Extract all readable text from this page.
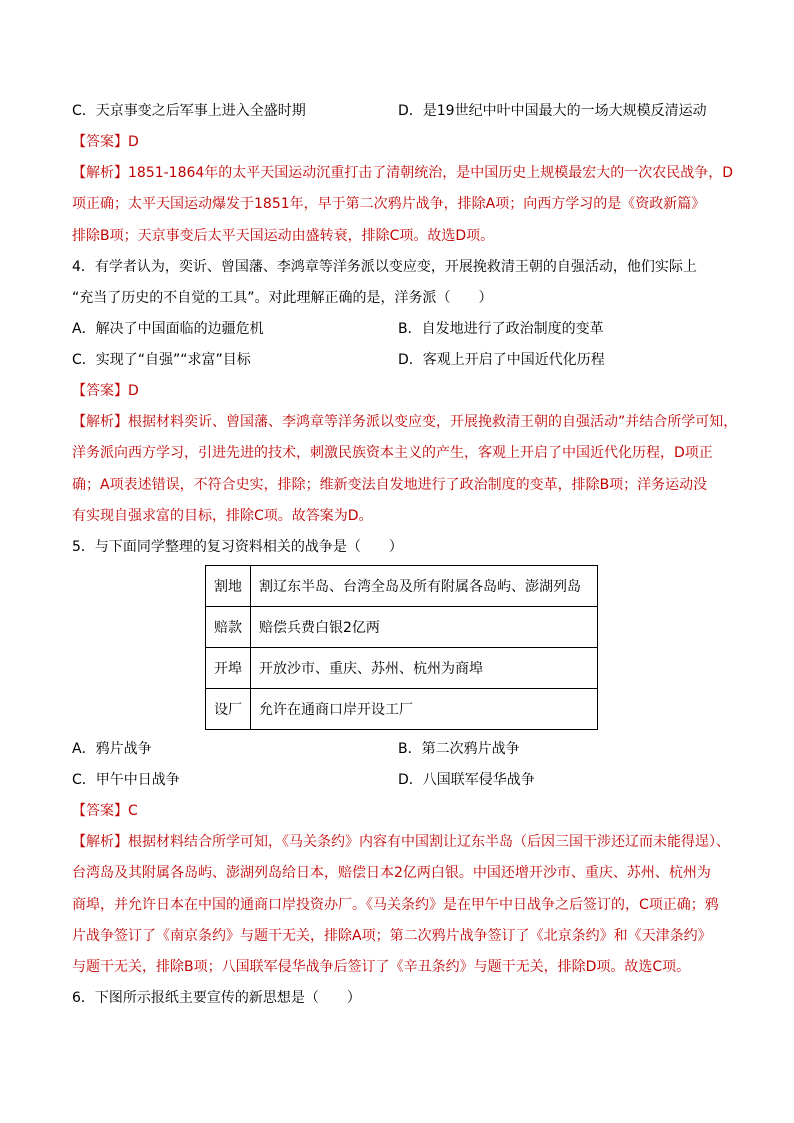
C．天京事变之后军事上进入全盛时期	D．是19世纪中叶中国最大的一场大规模反清运动
【答案】D
【解析】1851-1864年的太平天国运动沉重打击了清朝统治，是中国历史上规模最宏大的一次农民战争，D
项正确；太平天国运动爆发于1851年，早于第二次鸦片战争，排除A项；向西方学习的是《资政新篇》
排除B项；天京事变后太平天国运动由盛转衰，排除C项。故选D项。
4．有学者认为，奕䜣、曾国藩、李鸿章等洋务派以变应变，开展挽救清王朝的自强活动，他们实际上
“充当了历史的不自觉的工具”。对此理解正确的是，洋务派（　　）
A．解决了中国面临的边疆危机	B．自发地进行了政治制度的变革
C．实现了“自强”“求富”目标	D．客观上开启了中国近代化历程
【答案】D
【解析】根据材料奕䜣、曾国藩、李鸿章等洋务派以变应变，开展挽救清王朝的自强活动”并结合所学可知，
洋务派向西方学习，引进先进的技术，刺激民族资本主义的产生，客观上开启了中国近代化历程，D项正
确；A项表述错误，不符合史实，排除；维新变法自发地进行了政治制度的变革，排除B项；洋务运动没
有实现自强求富的目标，排除C项。故答案为D。
5．与下面同学整理的复习资料相关的战争是（　　）
割地	割辽东半岛、台湾全岛及所有附属各岛屿、澎湖列岛
赔款	赔偿兵费白银2亿两
开埠	开放沙市、重庆、苏州、杭州为商埠
设厂	允许在通商口岸开设工厂
A．鸦片战争	B．第二次鸦片战争
C．甲午中日战争	D．八国联军侵华战争
【答案】C
【解析】根据材料结合所学可知，《马关条约》内容有中国割让辽东半岛（后因三国干涉还辽而未能得逞）、
台湾岛及其附属各岛屿、澎湖列岛给日本，赔偿日本2亿两白银。中国还增开沙市、重庆、苏州、杭州为
商埠，并允许日本在中国的通商口岸投资办厂。《马关条约》是在甲午中日战争之后签订的，C项正确；鸦
片战争签订了《南京条约》与题干无关，排除A项；第二次鸦片战争签订了《北京条约》和《天津条约》
与题干无关，排除B项；八国联军侵华战争后签订了《辛丑条约》与题干无关，排除D项。故选C项。
6．下图所示报纸主要宣传的新思想是（　　）
